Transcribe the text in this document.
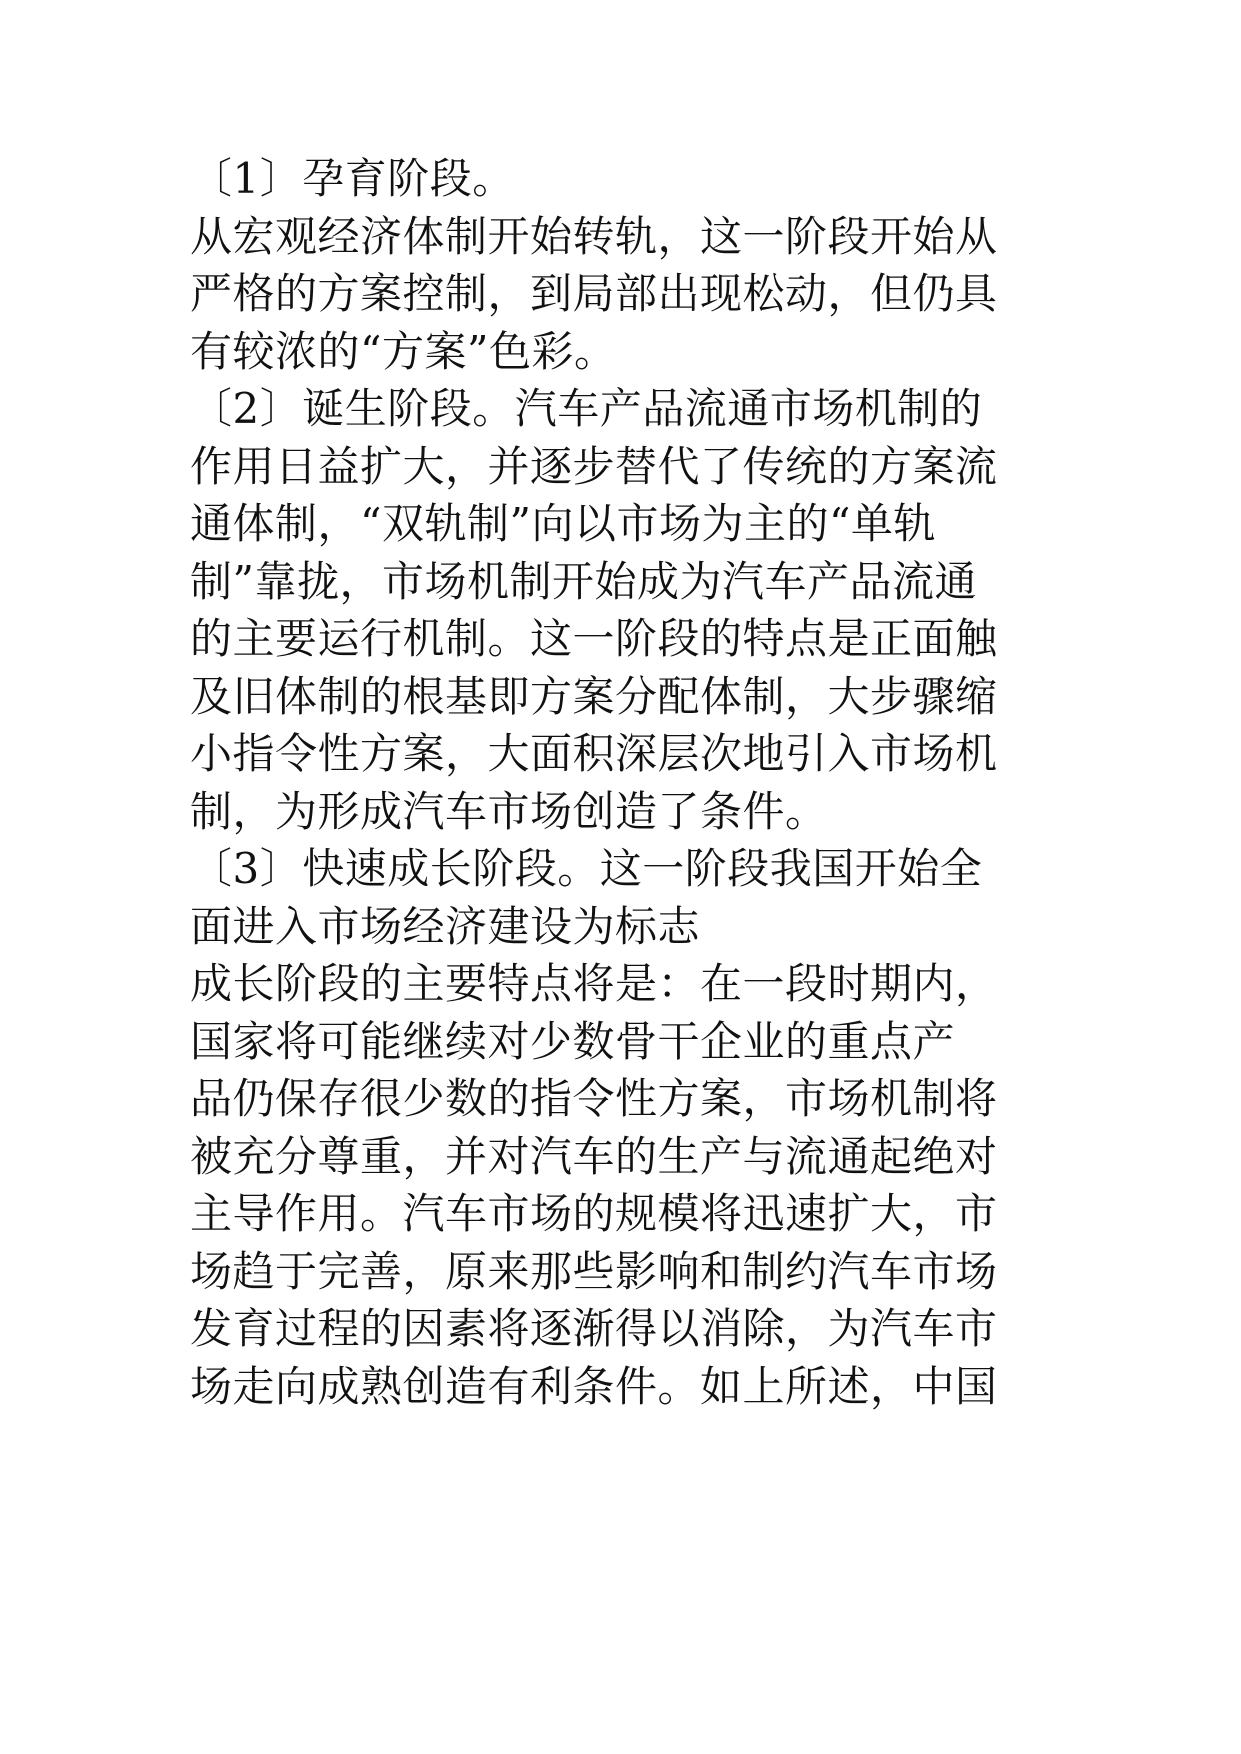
〔1〕孕育阶段。
从宏观经济体制开始转轨，这一阶段开始从
严格的方案控制，到局部出现松动，但仍具
有较浓的“方案”色彩。
〔2〕诞生阶段。汽车产品流通市场机制的
作用日益扩大，并逐步替代了传统的方案流
通体制，“双轨制”向以市场为主的“单轨
制”靠拢，市场机制开始成为汽车产品流通
的主要运行机制。这一阶段的特点是正面触
及旧体制的根基即方案分配体制，大步骤缩
小指令性方案，大面积深层次地引入市场机
制，为形成汽车市场创造了条件。
〔3〕快速成长阶段。这一阶段我国开始全
面进入市场经济建设为标志
成长阶段的主要特点将是：在一段时期内，
国家将可能继续对少数骨干企业的重点产
品仍保存很少数的指令性方案，市场机制将
被充分尊重，并对汽车的生产与流通起绝对
主导作用。汽车市场的规模将迅速扩大，市
场趋于完善，原来那些影响和制约汽车市场
发育过程的因素将逐渐得以消除，为汽车市
场走向成熟创造有利条件。如上所述，中国
